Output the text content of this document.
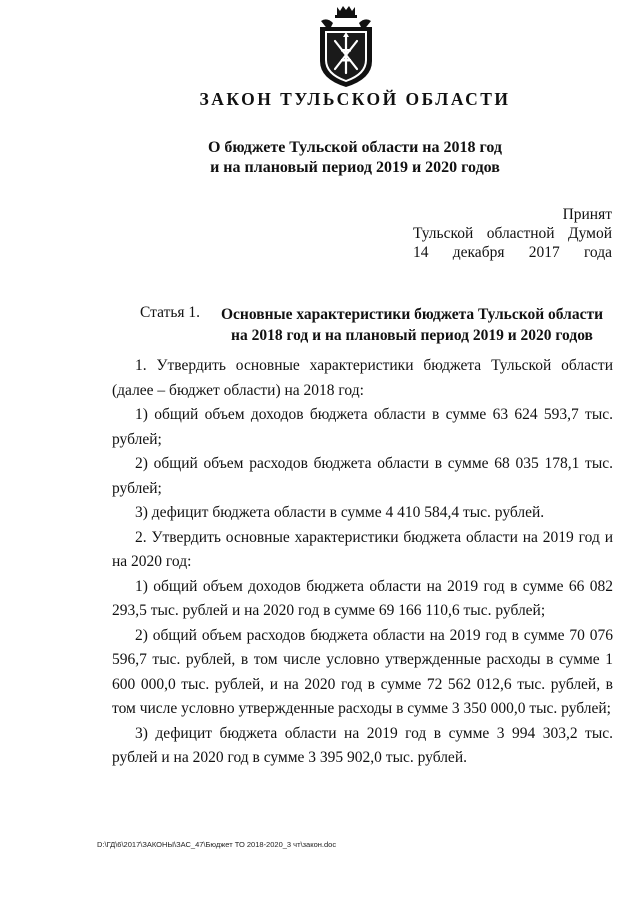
ЗАКОН ТУЛЬСКОЙ ОБЛАСТИ
О бюджете Тульской области на 2018 год
и на плановый период 2019 и 2020 годов
Принят
Тульской областной Думой
14 декабря 2017 года
Статья 1.	Основные характеристики бюджета Тульской области
на 2018 год и на плановый период 2019 и 2020 годов

1. Утвердить основные характеристики бюджета Тульской области (далее – бюджет области) на 2018 год:

1) общий объем доходов бюджета области в сумме 63 624 593,7 тыс. рублей;

2) общий объем расходов бюджета области в сумме 68 035 178,1 тыс. рублей;

3) дефицит бюджета области в сумме 4 410 584,4 тыс. рублей.

2. Утвердить основные характеристики бюджета области на 2019 год и на 2020 год:

1) общий объем доходов бюджета области на 2019 год в сумме 66 082 293,5 тыс. рублей и на 2020 год в сумме 69 166 110,6 тыс. рублей;

2) общий объем расходов бюджета области на 2019 год в сумме 70 076 596,7 тыс. рублей, в том числе условно утвержденные расходы в сумме 1 600 000,0 тыс. рублей, и на 2020 год в сумме 72 562 012,6 тыс. рублей, в том числе условно утвержденные расходы в сумме 3 350 000,0 тыс. рублей;

3) дефицит бюджета области на 2019 год в сумме 3 994 303,2 тыс. рублей и на 2020 год в сумме 3 395 902,0 тыс. рублей.

D:\ГД\6\2017\ЗАКОНЫ\ЗАС_47\Бюджет ТО 2018-2020_3 чт\закон.doc
